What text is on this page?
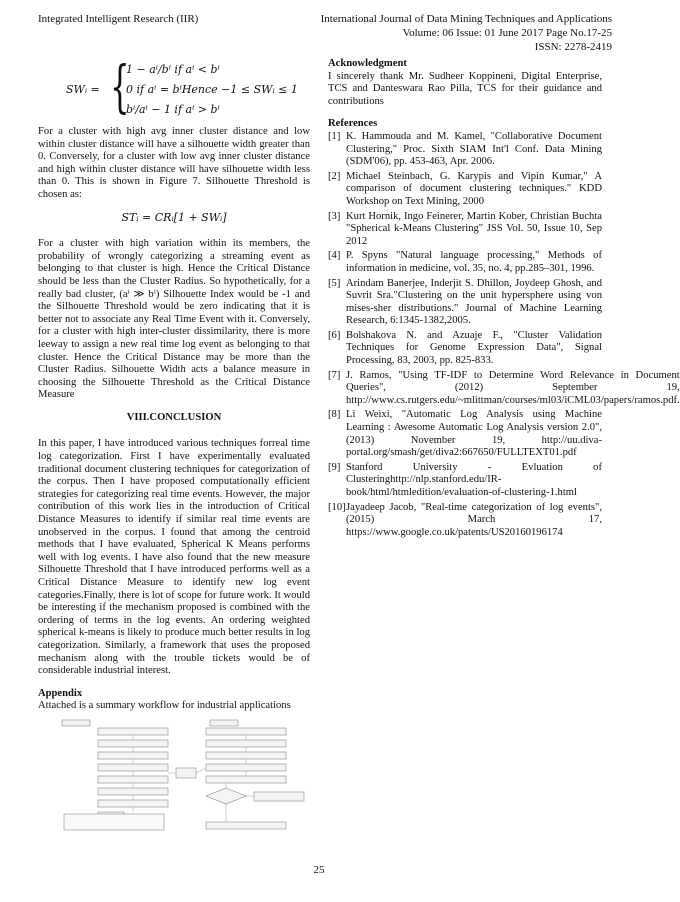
Integrated Intelligent Research (IIR)	International Journal of Data Mining Techniques and Applications
Volume: 06 Issue: 01 June 2017 Page No.17-25
ISSN: 2278-2419
SWᵢ = {
1 − aⁱ/bⁱ if aⁱ < bⁱ
0 if aⁱ = bⁱHence −1 ≤ SWᵢ ≤ 1
bⁱ/aⁱ − 1 if aⁱ > bⁱ

For a cluster with high avg inner cluster distance and low within cluster distance will have a silhouette width greater than 0. Conversely, for a cluster with low avg inner cluster distance and high within cluster distance will have silhouette width less than 0. This is shown in Figure 7. Silhouette Threshold is chosen as:

STᵢ = CRᵢ[1 + SWᵢ]

For a cluster with high variation within its members, the probability of wrongly categorizing a streaming event as belonging to that cluster is high. Hence the Critical Distance should be less than the Cluster Radius. So hypothetically, for a really bad cluster, (aⁱ ≫ bⁱ) Silhouette Index would be -1 and the Silhouette Threshold would be zero indicating that it is better not to associate any Real Time Event with it. Conversely, for a cluster with high inter-cluster dissimilarity, there is more leeway to assign a new real time log event as belonging to that cluster. Hence the Critical Distance may be more than the Cluster Radius. Silhouette Width acts a balance measure in choosing the Silhouette Threshold as the Critical Distance Measure

VIII.CONCLUSION

In this paper, I have introduced various techniques forreal time log categorization. First I have experimentally evaluated traditional document clustering techniques for categorization of the corpus. Then I have proposed computationally efficient strategies for categorizing real time events. However, the major contribution of this work lies in the introduction of Critical Distance Measures to identify if similar real time events are unobserved in the corpus. I found that among the centroid methods that I have evaluated, Spherical K Means performs well with log events. I have also found that the new measure Silhouette Threshold that I have introduced performs well as a Critical Distance Measure to identify new log event categories.Finally, there is lot of scope for future work. It would be interesting if the mechanism proposed is combined with the ordering of terms in the log events. An ordering weighted spherical k-means is likely to produce much better results in log categorization. Similarly, a framework that uses the proposed mechanism along with the trouble tickets would be of considerable industrial interest.

Appendix
Attached is a summary workflow for industrial applications
Acknowledgment

I sincerely thank Mr. Sudheer Koppineni, Digital Enterprise, TCS and Danteswara Rao Pilla, TCS for their guidance and contributions

References
[1] K. Hammouda and M. Kamel, "Collaborative Document Clustering," Proc. Sixth SIAM Int'l Conf. Data Mining (SDM'06), pp. 453-463, Apr. 2006.
[2] Michael Steinbach, G. Karypis and Vipin Kumar," A comparison of document clustering techniques." KDD Workshop on Text Mining, 2000
[3] Kurt Hornik, Ingo Feinerer, Martin Kober, Christian Buchta "Spherical k-Means Clustering" JSS Vol. 50, Issue 10, Sep 2012
[4] P. Spyns "Natural language processing," Methods of information in medicine, vol. 35, no. 4, pp.285–301, 1996.
[5] Arindam Banerjee, Inderjit S. Dhillon, Joydeep Ghosh, and Suvrit Sra."Clustering on the unit hypersphere using von mises-sher distributions." Journal of Machine Learning Research, 6:1345-1382,2005.
[6] Bolshakova N. and Azuaje F., "Cluster Validation Techniques for Genome Expression Data", Signal Processing, 83, 2003, pp. 825-833.
[7] J. Ramos, "Using TF-IDF to Determine Word Relevance in Document Queries", (2012) September 19, http://www.cs.rutgers.edu/~mlittman/courses/ml03/iCML03/papers/ramos.pdf.
[8] Li Weixi, "Automatic Log Analysis using Machine Learning : Awesome Automatic Log Analysis version 2.0", (2013) November 19, http://uu.diva-portal.org/smash/get/diva2:667650/FULLTEXT01.pdf
[9] Stanford University - Evluation of Clusteringhttp://nlp.stanford.edu/IR-book/html/htmledition/evaluation-of-clustering-1.html
[10] Jayadeep Jacob, "Real-time categorization of log events", (2015) March 17, https://www.google.co.uk/patents/US20160196174
25
